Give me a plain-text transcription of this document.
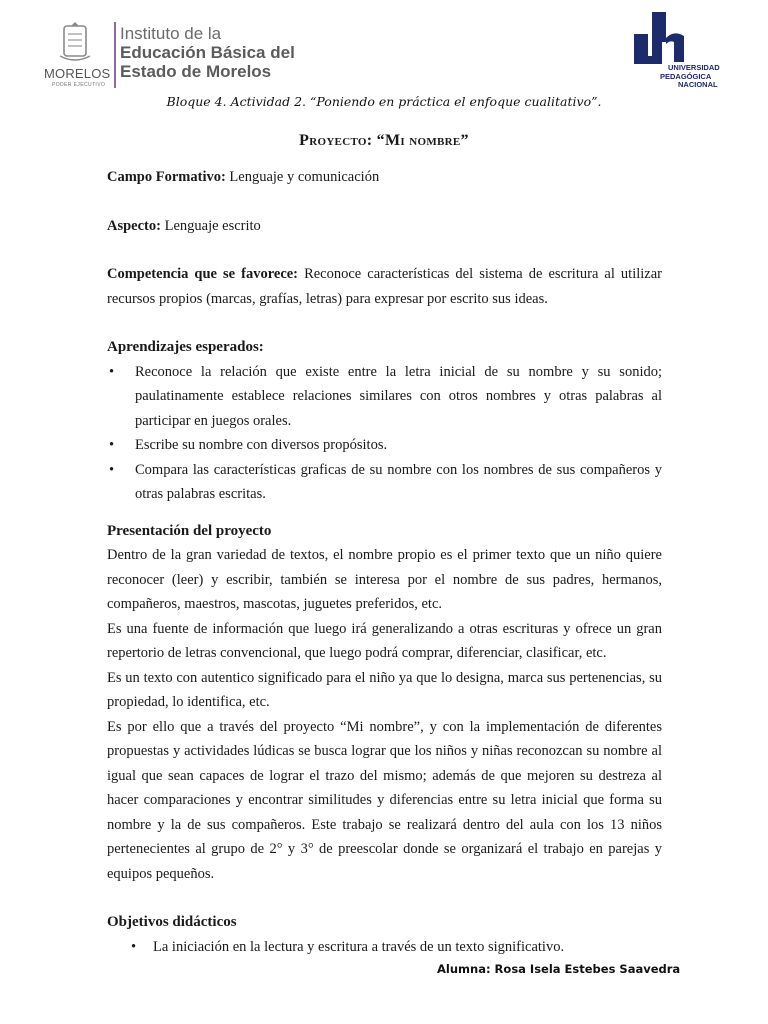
MORELOS
PODER EJECUTIVO
Instituto de la
Educación Básica del
Estado de Morelos	UNIVERSIDAD
PEDAGÓGICA
NACIONAL
Bloque 4. Actividad 2. “Poniendo en práctica el enfoque cualitativo”.
Proyecto: “Mi nombre”

Campo Formativo: Lenguaje y comunicación

Aspecto: Lenguaje escrito

Competencia que se favorece: Reconoce características del sistema de escritura al utilizar recursos propios (marcas, grafías, letras) para expresar por escrito sus ideas.

Aprendizajes esperados:

• Reconoce la relación que existe entre la letra inicial de su nombre y su sonido; paulatinamente establece relaciones similares con otros nombres y otras palabras al participar en juegos orales.
• Escribe su nombre con diversos propósitos.
• Compara las características graficas de su nombre con los nombres de sus compañeros y otras palabras escritas.

Presentación del proyecto

Dentro de la gran variedad de textos, el nombre propio es el primer texto que un niño quiere reconocer (leer) y escribir, también se interesa por el nombre de sus padres, hermanos, compañeros, maestros, mascotas, juguetes preferidos, etc.

Es una fuente de información que luego irá generalizando a otras escrituras y ofrece un gran repertorio de letras convencional, que luego podrá comprar, diferenciar, clasificar, etc.

Es un texto con autentico significado para el niño ya que lo designa, marca sus pertenencias, su propiedad, lo identifica, etc.

Es por ello que a través del proyecto “Mi nombre”, y con la implementación de diferentes propuestas y actividades lúdicas se busca lograr que los niños y niñas reconozcan su nombre al igual que sean capaces de lograr el trazo del mismo; además de que mejoren su destreza al hacer comparaciones y encontrar similitudes y diferencias entre su letra inicial que forma su nombre y la de sus compañeros. Este trabajo se realizará dentro del aula con los 13 niños pertenecientes al grupo de 2° y 3° de preescolar donde se organizará el trabajo en parejas y equipos pequeños.

Objetivos didácticos

• La iniciación en la lectura y escritura a través de un texto significativo.
Alumna: Rosa Isela Estebes Saavedra
